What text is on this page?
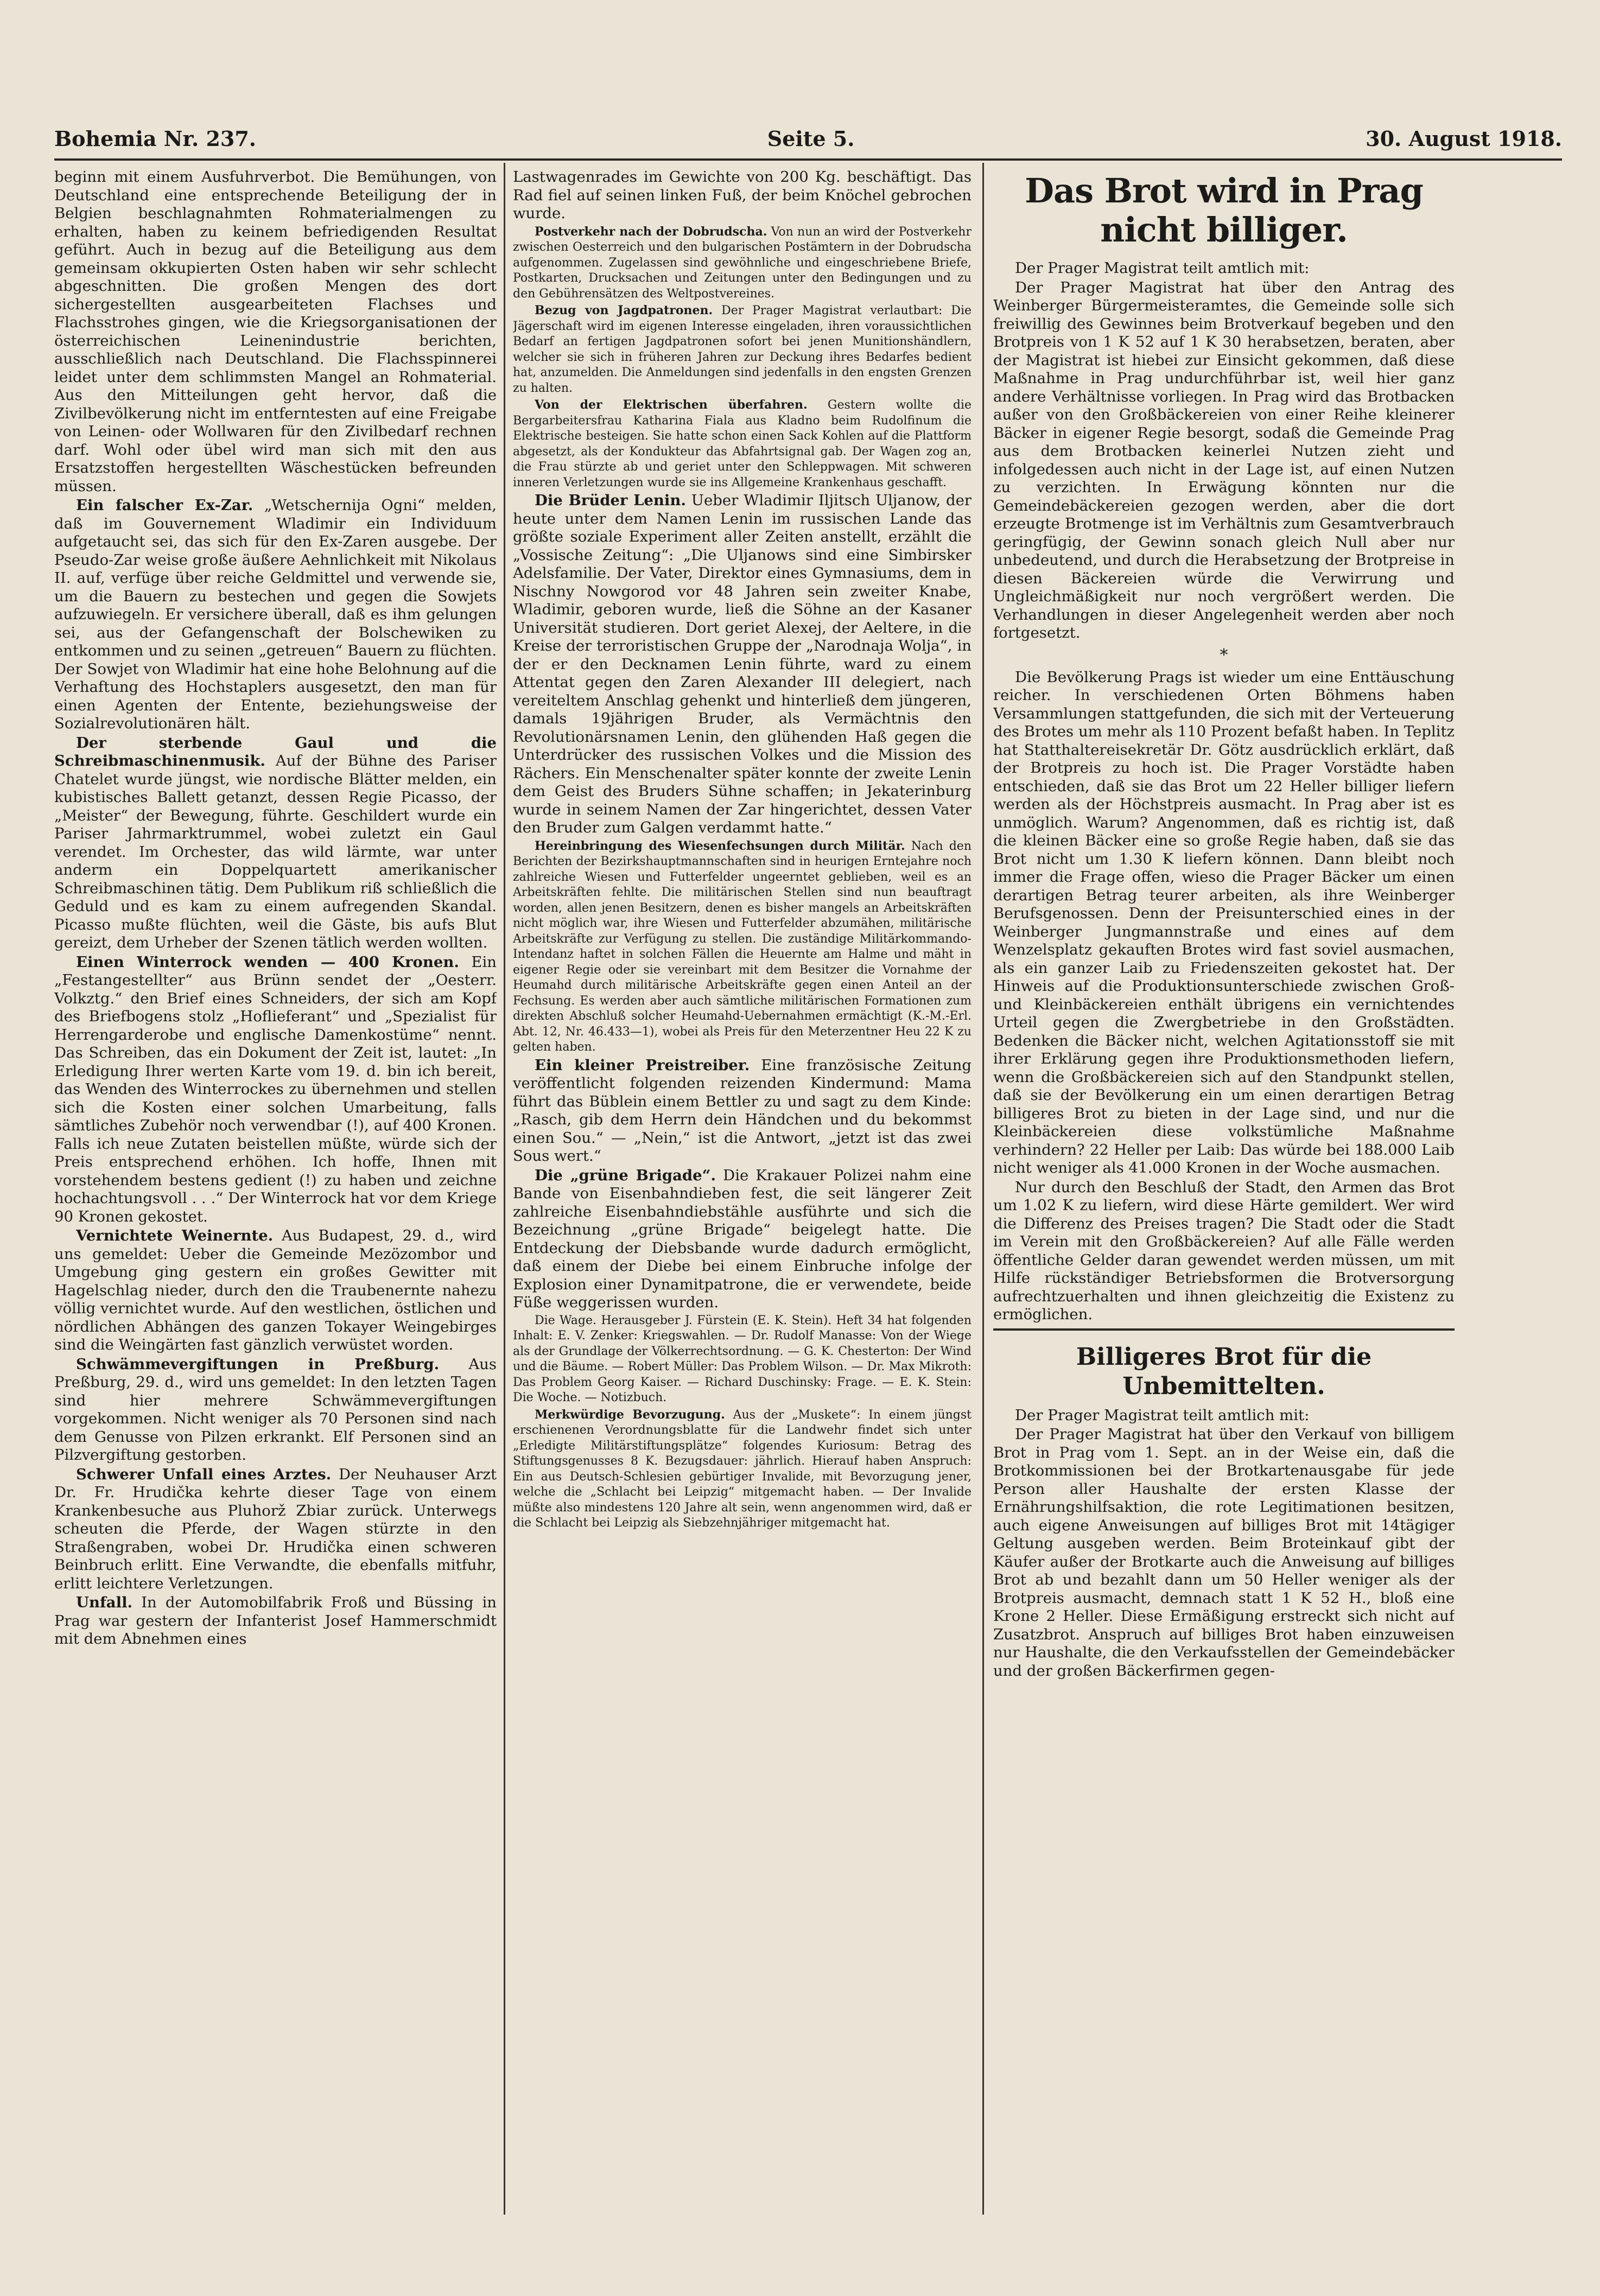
Bohemia Nr. 237.	Seite 5.	30. August 1918.

beginn mit einem Ausfuhrverbot. Die Bemühungen, von Deutschland eine entsprechende Beteiligung der in Belgien beschlagnahmten Rohmaterialmengen zu erhalten, haben zu keinem befriedigenden Resultat geführt. Auch in bezug auf die Beteiligung aus dem gemeinsam okkupierten Osten haben wir sehr schlecht abgeschnitten. Die großen Mengen des dort sichergestellten ausgearbeiteten Flachses und Flachsstrohes gingen, wie die Kriegsorganisationen der österreichischen Leinenindustrie berichten, ausschließlich nach Deutschland. Die Flachsspinnerei leidet unter dem schlimmsten Mangel an Rohmaterial. Aus den Mitteilungen geht hervor, daß die Zivilbevölkerung nicht im entferntesten auf eine Freigabe von Leinen- oder Wollwaren für den Zivilbedarf rechnen darf. Wohl oder übel wird man sich mit den aus Ersatzstoffen hergestellten Wäschestücken befreunden müssen.

Ein falscher Ex-Zar. „Wetschernija Ogni“ melden, daß im Gouvernement Wladimir ein Individuum aufgetaucht sei, das sich für den Ex-Zaren ausgebe. Der Pseudo-Zar weise große äußere Aehnlichkeit mit Nikolaus II. auf, verfüge über reiche Geldmittel und verwende sie, um die Bauern zu bestechen und gegen die Sowjets aufzuwiegeln. Er versichere überall, daß es ihm gelungen sei, aus der Gefangenschaft der Bolschewiken zu entkommen und zu seinen „getreuen“ Bauern zu flüchten. Der Sowjet von Wladimir hat eine hohe Belohnung auf die Verhaftung des Hochstaplers ausgesetzt, den man für einen Agenten der Entente, beziehungsweise der Sozialrevolutionären hält.

Der sterbende Gaul und die Schreibmaschinenmusik. Auf der Bühne des Pariser Chatelet wurde jüngst, wie nordische Blätter melden, ein kubistisches Ballett getanzt, dessen Regie Picasso, der „Meister“ der Bewegung, führte. Geschildert wurde ein Pariser Jahrmarktrummel, wobei zuletzt ein Gaul verendet. Im Orchester, das wild lärmte, war unter anderm ein Doppelquartett amerikanischer Schreibmaschinen tätig. Dem Publikum riß schließlich die Geduld und es kam zu einem aufregenden Skandal. Picasso mußte flüchten, weil die Gäste, bis aufs Blut gereizt, dem Urheber der Szenen tätlich werden wollten.

Einen Winterrock wenden — 400 Kronen. Ein „Festangestellter“ aus Brünn sendet der „Oesterr. Volkztg.“ den Brief eines Schneiders, der sich am Kopf des Briefbogens stolz „Hoflieferant“ und „Spezialist für Herrengarderobe und englische Damenkostüme“ nennt. Das Schreiben, das ein Dokument der Zeit ist, lautet: „In Erledigung Ihrer werten Karte vom 19. d. bin ich bereit, das Wenden des Winterrockes zu übernehmen und stellen sich die Kosten einer solchen Umarbeitung, falls sämtliches Zubehör noch verwendbar (!), auf 400 Kronen. Falls ich neue Zutaten beistellen müßte, würde sich der Preis entsprechend erhöhen. Ich hoffe, Ihnen mit vorstehendem bestens gedient (!) zu haben und zeichne hochachtungsvoll . . .“ Der Winterrock hat vor dem Kriege 90 Kronen gekostet.

Vernichtete Weinernte. Aus Budapest, 29. d., wird uns gemeldet: Ueber die Gemeinde Mezözombor und Umgebung ging gestern ein großes Gewitter mit Hagelschlag nieder, durch den die Traubenernte nahezu völlig vernichtet wurde. Auf den westlichen, östlichen und nördlichen Abhängen des ganzen Tokayer Weingebirges sind die Weingärten fast gänzlich verwüstet worden.

Schwämmevergiftungen in Preßburg. Aus Preßburg, 29. d., wird uns gemeldet: In den letzten Tagen sind hier mehrere Schwämmevergiftungen vorgekommen. Nicht weniger als 70 Personen sind nach dem Genusse von Pilzen erkrankt. Elf Personen sind an Pilzvergiftung gestorben.

Schwerer Unfall eines Arztes. Der Neuhauser Arzt Dr. Fr. Hrudička kehrte dieser Tage von einem Krankenbesuche aus Pluhorž Zbiar zurück. Unterwegs scheuten die Pferde, der Wagen stürzte in den Straßengraben, wobei Dr. Hrudička einen schweren Beinbruch erlitt. Eine Verwandte, die ebenfalls mitfuhr, erlitt leichtere Verletzungen.

Unfall. In der Automobilfabrik Froß und Büssing in Prag war gestern der Infanterist Josef Hammerschmidt mit dem Abnehmen eines

Lastwagenrades im Gewichte von 200 Kg. beschäftigt. Das Rad fiel auf seinen linken Fuß, der beim Knöchel gebrochen wurde.

Postverkehr nach der Dobrudscha. Von nun an wird der Postverkehr zwischen Oesterreich und den bulgarischen Postämtern in der Dobrudscha aufgenommen. Zugelassen sind gewöhnliche und eingeschriebene Briefe, Postkarten, Drucksachen und Zeitungen unter den Bedingungen und zu den Gebührensätzen des Weltpostvereines.

Bezug von Jagdpatronen. Der Prager Magistrat verlautbart: Die Jägerschaft wird im eigenen Interesse eingeladen, ihren voraussichtlichen Bedarf an fertigen Jagdpatronen sofort bei jenen Munitionshändlern, welcher sie sich in früheren Jahren zur Deckung ihres Bedarfes bedient hat, anzumelden. Die Anmeldungen sind jedenfalls in den engsten Grenzen zu halten.

Von der Elektrischen überfahren. Gestern wollte die Bergarbeitersfrau Katharina Fiala aus Kladno beim Rudolfinum die Elektrische besteigen. Sie hatte schon einen Sack Kohlen auf die Plattform abgesetzt, als der Kondukteur das Abfahrtsignal gab. Der Wagen zog an, die Frau stürzte ab und geriet unter den Schleppwagen. Mit schweren inneren Verletzungen wurde sie ins Allgemeine Krankenhaus geschafft.

Die Brüder Lenin. Ueber Wladimir Iljitsch Uljanow, der heute unter dem Namen Lenin im russischen Lande das größte soziale Experiment aller Zeiten anstellt, erzählt die „Vossische Zeitung“: „Die Uljanows sind eine Simbirsker Adelsfamilie. Der Vater, Direktor eines Gymnasiums, dem in Nischny Nowgorod vor 48 Jahren sein zweiter Knabe, Wladimir, geboren wurde, ließ die Söhne an der Kasaner Universität studieren. Dort geriet Alexej, der Aeltere, in die Kreise der terroristischen Gruppe der „Narodnaja Wolja“, in der er den Decknamen Lenin führte, ward zu einem Attentat gegen den Zaren Alexander III delegiert, nach vereiteltem Anschlag gehenkt und hinterließ dem jüngeren, damals 19jährigen Bruder, als Vermächtnis den Revolutionärsnamen Lenin, den glühenden Haß gegen die Unterdrücker des russischen Volkes und die Mission des Rächers. Ein Menschenalter später konnte der zweite Lenin dem Geist des Bruders Sühne schaffen; in Jekaterinburg wurde in seinem Namen der Zar hingerichtet, dessen Vater den Bruder zum Galgen verdammt hatte.“

Hereinbringung des Wiesenfechsungen durch Militär. Nach den Berichten der Bezirkshauptmannschaften sind in heurigen Erntejahre noch zahlreiche Wiesen und Futterfelder ungeerntet geblieben, weil es an Arbeitskräften fehlte. Die militärischen Stellen sind nun beauftragt worden, allen jenen Besitzern, denen es bisher mangels an Arbeitskräften nicht möglich war, ihre Wiesen und Futterfelder abzumähen, militärische Arbeitskräfte zur Verfügung zu stellen. Die zuständige Militärkommando-Intendanz haftet in solchen Fällen die Heuernte am Halme und mäht in eigener Regie oder sie vereinbart mit dem Besitzer die Vornahme der Heumahd durch militärische Arbeitskräfte gegen einen Anteil an der Fechsung. Es werden aber auch sämtliche militärischen Formationen zum direkten Abschluß solcher Heumahd-Uebernahmen ermächtigt (K.-M.-Erl. Abt. 12, Nr. 46.433—1), wobei als Preis für den Meterzentner Heu 22 K zu gelten haben.

Ein kleiner Preistreiber. Eine französische Zeitung veröffentlicht folgenden reizenden Kindermund: Mama führt das Büblein einem Bettler zu und sagt zu dem Kinde: „Rasch, gib dem Herrn dein Händchen und du bekommst einen Sou.“ — „Nein,“ ist die Antwort, „jetzt ist das zwei Sous wert.“

Die „grüne Brigade“. Die Krakauer Polizei nahm eine Bande von Eisenbahndieben fest, die seit längerer Zeit zahlreiche Eisenbahndiebstähle ausführte und sich die Bezeichnung „grüne Brigade“ beigelegt hatte. Die Entdeckung der Diebsbande wurde dadurch ermöglicht, daß einem der Diebe bei einem Einbruche infolge der Explosion einer Dynamitpatrone, die er verwendete, beide Füße weggerissen wurden.

Die Wage. Herausgeber J. Fürstein (E. K. Stein). Heft 34 hat folgenden Inhalt: E. V. Zenker: Kriegswahlen. — Dr. Rudolf Manasse: Von der Wiege als der Grundlage der Völkerrechtsordnung. — G. K. Chesterton: Der Wind und die Bäume. — Robert Müller: Das Problem Wilson. — Dr. Max Mikroth: Das Problem Georg Kaiser. — Richard Duschinsky: Frage. — E. K. Stein: Die Woche. — Notizbuch.

Merkwürdige Bevorzugung. Aus der „Muskete“: In einem jüngst erschienenen Verordnungsblatte für die Landwehr findet sich unter „Erledigte Militärstiftungsplätze“ folgendes Kuriosum: Betrag des Stiftungsgenusses 8 K. Bezugsdauer: jährlich. Hierauf haben Anspruch: Ein aus Deutsch-Schlesien gebürtiger Invalide, mit Bevorzugung jener, welche die „Schlacht bei Leipzig“ mitgemacht haben. — Der Invalide müßte also mindestens 120 Jahre alt sein, wenn angenommen wird, daß er die Schlacht bei Leipzig als Siebzehnjähriger mitgemacht hat.

Das Brot wird in Prag nicht billiger.

Der Prager Magistrat teilt amtlich mit:

Der Prager Magistrat hat über den Antrag des Weinberger Bürgermeisteramtes, die Gemeinde solle sich freiwillig des Gewinnes beim Brotverkauf begeben und den Brotpreis von 1 K 52 auf 1 K 30 herabsetzen, beraten, aber der Magistrat ist hiebei zur Einsicht gekommen, daß diese Maßnahme in Prag undurchführbar ist, weil hier ganz andere Verhältnisse vorliegen. In Prag wird das Brotbacken außer von den Großbäckereien von einer Reihe kleinerer Bäcker in eigener Regie besorgt, sodaß die Gemeinde Prag aus dem Brotbacken keinerlei Nutzen zieht und infolgedessen auch nicht in der Lage ist, auf einen Nutzen zu verzichten. In Erwägung könnten nur die Gemeindebäckereien gezogen werden, aber die dort erzeugte Brotmenge ist im Verhältnis zum Gesamtverbrauch geringfügig, der Gewinn sonach gleich Null aber nur unbedeutend, und durch die Herabsetzung der Brotpreise in diesen Bäckereien würde die Verwirrung und Ungleichmäßigkeit nur noch vergrößert werden. Die Verhandlungen in dieser Angelegenheit werden aber noch fortgesetzt.

*

Die Bevölkerung Prags ist wieder um eine Enttäuschung reicher. In verschiedenen Orten Böhmens haben Versammlungen stattgefunden, die sich mit der Verteuerung des Brotes um mehr als 110 Prozent befaßt haben. In Teplitz hat Statthaltereisekretär Dr. Götz ausdrücklich erklärt, daß der Brotpreis zu hoch ist. Die Prager Vorstädte haben entschieden, daß sie das Brot um 22 Heller billiger liefern werden als der Höchstpreis ausmacht. In Prag aber ist es unmöglich. Warum? Angenommen, daß es richtig ist, daß die kleinen Bäcker eine so große Regie haben, daß sie das Brot nicht um 1.30 K liefern können. Dann bleibt noch immer die Frage offen, wieso die Prager Bäcker um einen derartigen Betrag teurer arbeiten, als ihre Weinberger Berufsgenossen. Denn der Preisunterschied eines in der Weinberger Jungmannstraße und eines auf dem Wenzelsplatz gekauften Brotes wird fast soviel ausmachen, als ein ganzer Laib zu Friedenszeiten gekostet hat. Der Hinweis auf die Produktionsunterschiede zwischen Groß- und Kleinbäckereien enthält übrigens ein vernichtendes Urteil gegen die Zwergbetriebe in den Großstädten. Bedenken die Bäcker nicht, welchen Agitationsstoff sie mit ihrer Erklärung gegen ihre Produktionsmethoden liefern, wenn die Großbäckereien sich auf den Standpunkt stellen, daß sie der Bevölkerung ein um einen derartigen Betrag billigeres Brot zu bieten in der Lage sind, und nur die Kleinbäckereien diese volkstümliche Maßnahme verhindern? 22 Heller per Laib: Das würde bei 188.000 Laib nicht weniger als 41.000 Kronen in der Woche ausmachen.

Nur durch den Beschluß der Stadt, den Armen das Brot um 1.02 K zu liefern, wird diese Härte gemildert. Wer wird die Differenz des Preises tragen? Die Stadt oder die Stadt im Verein mit den Großbäckereien? Auf alle Fälle werden öffentliche Gelder daran gewendet werden müssen, um mit Hilfe rückständiger Betriebsformen die Brotversorgung aufrechtzuerhalten und ihnen gleichzeitig die Existenz zu ermöglichen.

Billigeres Brot für die Unbemittelten.

Der Prager Magistrat teilt amtlich mit:

Der Prager Magistrat hat über den Verkauf von billigem Brot in Prag vom 1. Sept. an in der Weise ein, daß die Brotkommissionen bei der Brotkartenausgabe für jede Person aller Haushalte der ersten Klasse der Ernährungshilfsaktion, die rote Legitimationen besitzen, auch eigene Anweisungen auf billiges Brot mit 14tägiger Geltung ausgeben werden. Beim Broteinkauf gibt der Käufer außer der Brotkarte auch die Anweisung auf billiges Brot ab und bezahlt dann um 50 Heller weniger als der Brotpreis ausmacht, demnach statt 1 K 52 H., bloß eine Krone 2 Heller. Diese Ermäßigung erstreckt sich nicht auf Zusatzbrot. Anspruch auf billiges Brot haben einzuweisen nur Haushalte, die den Verkaufsstellen der Gemeindebäcker und der großen Bäckerfirmen gegen-
